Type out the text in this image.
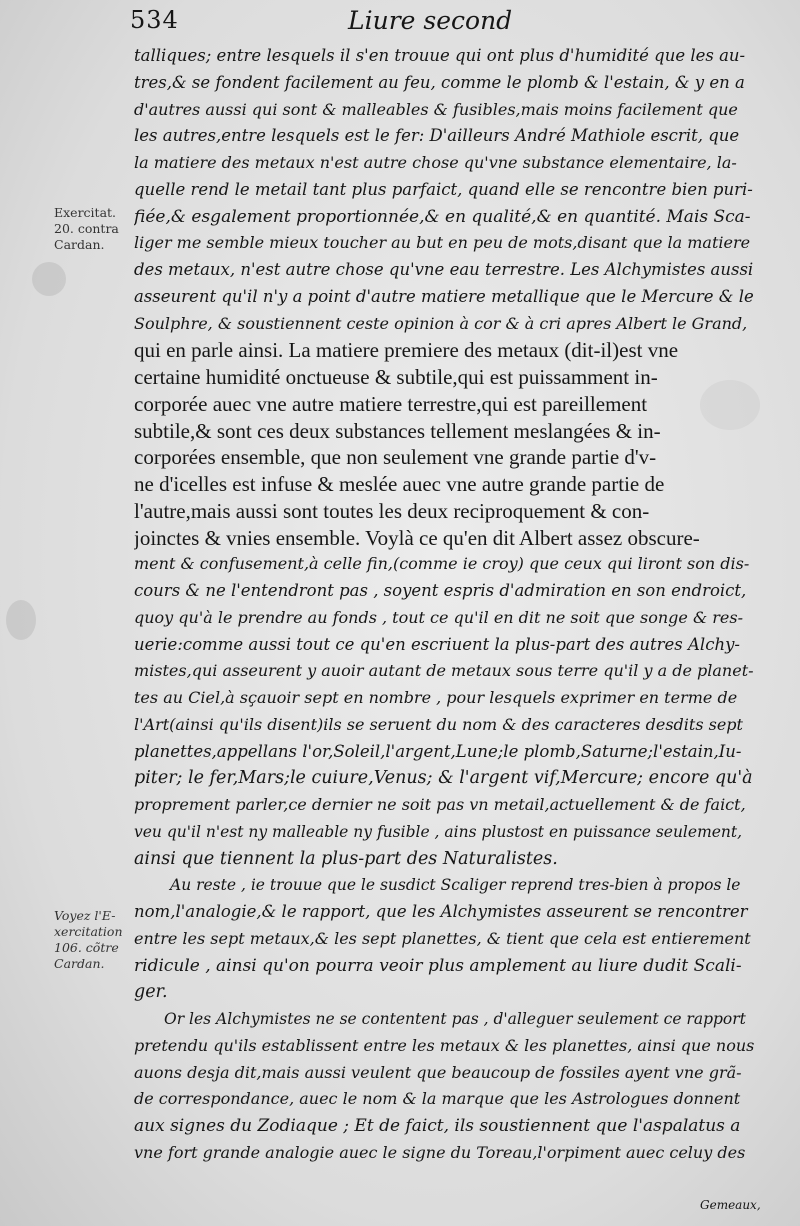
534	Liure second
Exercitat.
20. contra
Cardan.
Voyez l'E-
xercitation
106. cõtre
Cardan.
talliques; entre lesquels il s'en trouue qui ont plus d'humidité que les au-
tres,& se fondent facilement au feu, comme le plomb & l'estain, & y en a
d'autres aussi qui sont & malleables & fusibles,mais moins facilement que
les autres,entre lesquels est le fer: D'ailleurs André Mathiole escrit, que
la matiere des metaux n'est autre chose qu'vne substance elementaire, la-
quelle rend le metail tant plus parfaict, quand elle se rencontre bien puri-
fiée,& esgalement proportionnée,& en qualité,& en quantité. Mais Sca-
liger me semble mieux toucher au but en peu de mots,disant que la matiere
des metaux, n'est autre chose qu'vne eau terrestre. Les Alchymistes aussi
asseurent qu'il n'y a point d'autre matiere metallique que le Mercure & le
Soulphre, & soustiennent ceste opinion à cor & à cri apres Albert le Grand,
qui en parle ainsi. La matiere premiere des metaux (dit-il)est vne
certaine humidité onctueuse & subtile,qui est puissamment in-
corporée auec vne autre matiere terrestre,qui est pareillement
subtile,& sont ces deux substances tellement meslangées & in-
corporées ensemble, que non seulement vne grande partie d'v-
ne d'icelles est infuse & meslée auec vne autre grande partie de
l'autre,mais aussi sont toutes les deux reciproquement & con-
joinctes & vnies ensemble. Voylà ce qu'en dit Albert assez obscure-
ment & confusement,à celle fin,(comme ie croy) que ceux qui liront son dis-
cours & ne l'entendront pas , soyent espris d'admiration en son endroict,
quoy qu'à le prendre au fonds , tout ce qu'il en dit ne soit que songe & res-
uerie:comme aussi tout ce qu'en escriuent la plus-part des autres Alchy-
mistes,qui asseurent y auoir autant de metaux sous terre qu'il y a de planet-
tes au Ciel,à sçauoir sept en nombre , pour lesquels exprimer en terme de
l'Art(ainsi qu'ils disent)ils se seruent du nom & des caracteres desdits sept
planettes,appellans l'or,Soleil,l'argent,Lune;le plomb,Saturne;l'estain,Iu-
piter; le fer,Mars;le cuiure,Venus; & l'argent vif,Mercure; encore qu'à
proprement parler,ce dernier ne soit pas vn metail,actuellement & de faict,
veu qu'il n'est ny malleable ny fusible , ains plustost en puissance seulement,
ainsi que tiennent la plus-part des Naturalistes.
Au reste , ie trouue que le susdict Scaliger reprend tres-bien à propos le
nom,l'analogie,& le rapport, que les Alchymistes asseurent se rencontrer
entre les sept metaux,& les sept planettes, & tient que cela est entierement
ridicule , ainsi qu'on pourra veoir plus amplement au liure dudit Scali-
ger.
Or les Alchymistes ne se contentent pas , d'alleguer seulement ce rapport
pretendu qu'ils establissent entre les metaux & les planettes, ainsi que nous
auons desja dit,mais aussi veulent que beaucoup de fossiles ayent vne grã-
de correspondance, auec le nom & la marque que les Astrologues donnent
aux signes du Zodiaque ; Et de faict, ils soustiennent que l'aspalatus a
vne fort grande analogie auec le signe du Toreau,l'orpiment auec celuy des
Gemeaux,
